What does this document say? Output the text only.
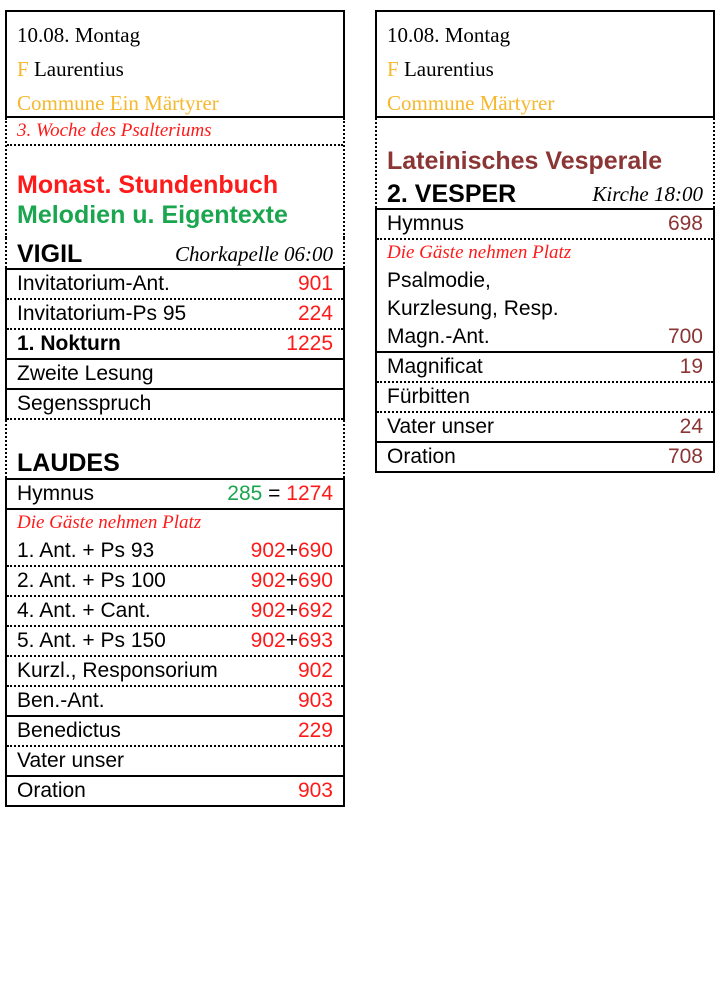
10.08. Montag
F Laurentius
Commune Ein Märtyrer
3. Woche des Psalteriums
Monast. Stundenbuch
Melodien u. Eigentexte
VIGIL	Chorkapelle 06:00
Invitatorium-Ant.	901
Invitatorium-Ps 95	224
1. Nokturn	1225
Zweite Lesung
Segensspruch
LAUDES
Hymnus	285 = 1274
Die Gäste nehmen Platz
1. Ant. + Ps 93	902+690
2. Ant. + Ps 100	902+690
4. Ant. + Cant.	902+692
5. Ant. + Ps 150	902+693
Kurzl., Responsorium	902
Ben.-Ant.	903
Benedictus	229
Vater unser
Oration	903
10.08. Montag
F Laurentius
Commune Märtyrer
Lateinisches Vesperale
2. VESPER	Kirche 18:00
Hymnus	698
Die Gäste nehmen Platz
Psalmodie,
Kurzlesung, Resp.
Magn.-Ant.	700
Magnificat	19
Fürbitten
Vater unser	24
Oration	708
